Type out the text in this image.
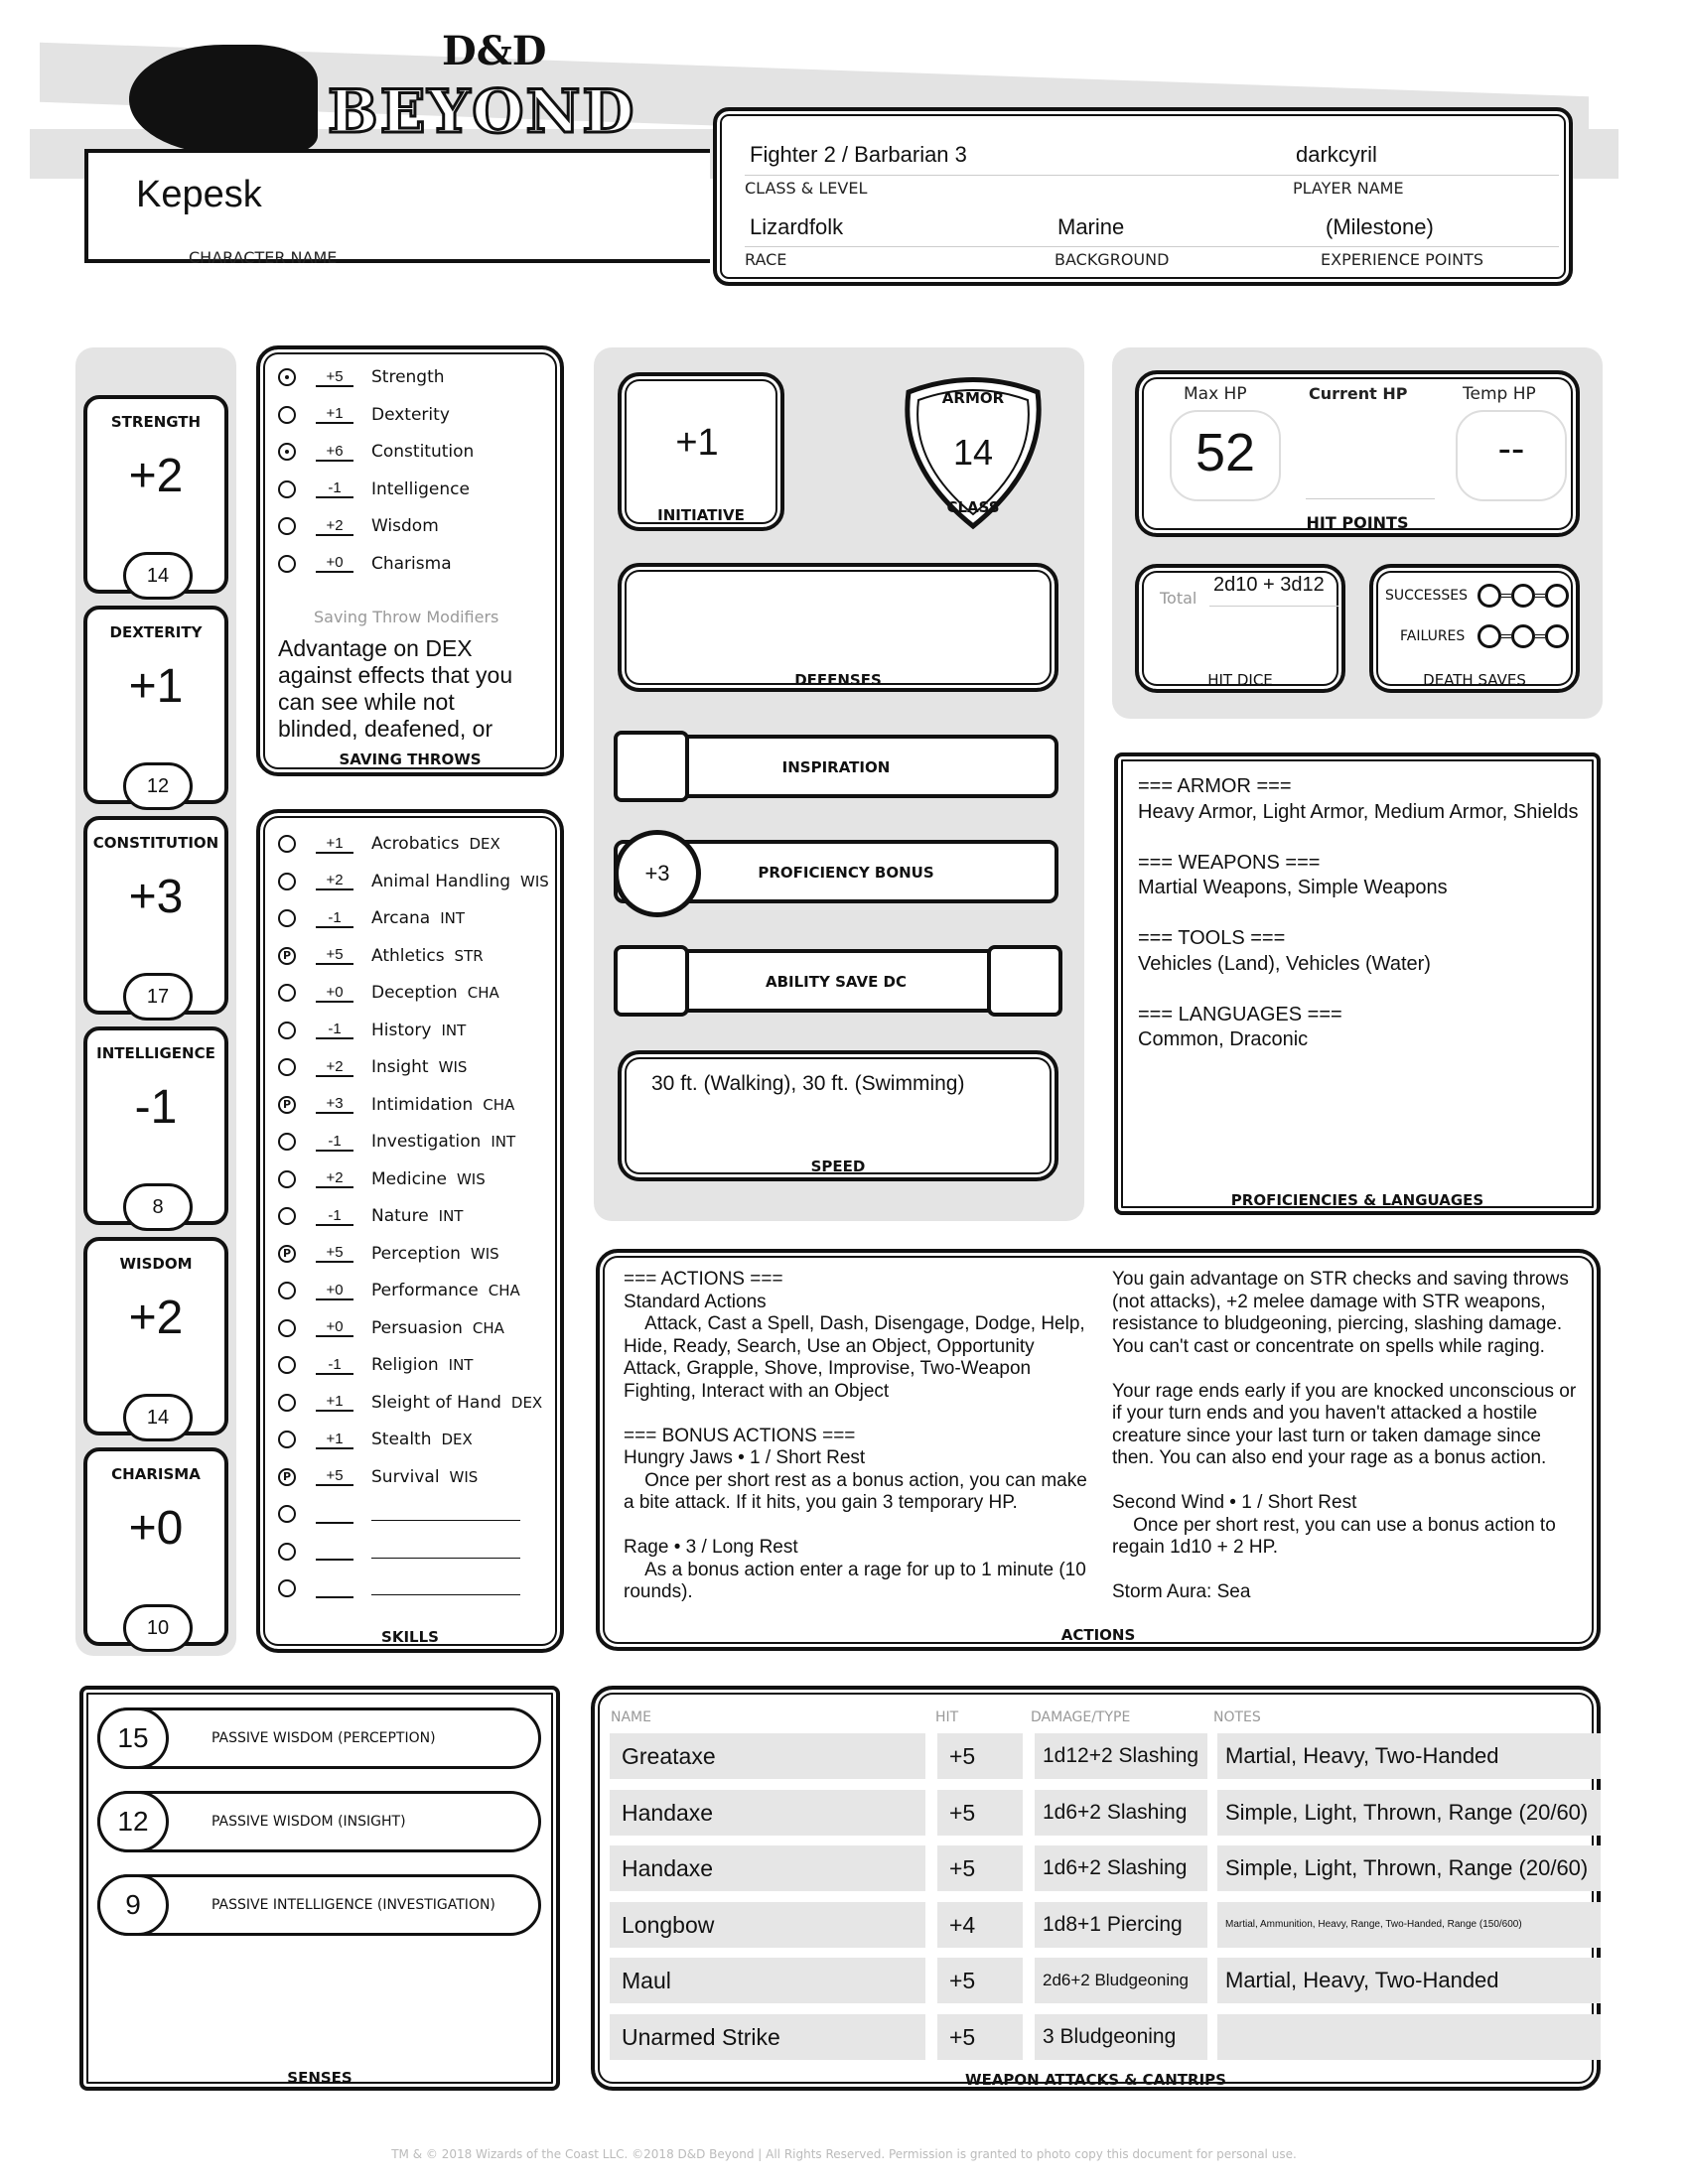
D&D
BEYOND
Kepesk
CHARACTER NAME
Fighter 2 / Barbarian 3
CLASS & LEVEL
darkcyril
PLAYER NAME
Lizardfolk
RACE
Marine
BACKGROUND
(Milestone)
EXPERIENCE POINTS
STRENGTH
+2
14
DEXTERITY
+1
12
CONSTITUTION
+3
17
INTELLIGENCE
-1
8
WISDOM
+2
14
CHARISMA
+0
10
+5	Strength
+1	Dexterity
+6	Constitution
-1	Intelligence
+2	Wisdom
+0	Charisma
Saving Throw Modifiers
Advantage on DEX against effects that you can see while not blinded, deafened, or
SAVING THROWS
+1	Acrobatics DEX
+2	Animal Handling WIS
-1	Arcana INT
P	+5	Athletics STR
+0	Deception CHA
-1	History INT
+2	Insight WIS
P	+3	Intimidation CHA
-1	Investigation INT
+2	Medicine WIS
-1	Nature INT
P	+5	Perception WIS
+0	Performance CHA
+0	Persuasion CHA
-1	Religion INT
+1	Sleight of Hand DEX
+1	Stealth DEX
P	+5	Survival WIS

SKILLS
+1
INITIATIVE
ARMOR
14
CLASS
DEFENSES
INSPIRATION
PROFICIENCY BONUS
+3
ABILITY SAVE DC
30 ft. (Walking), 30 ft. (Swimming)
SPEED
Max HP
52
Current HP	Temp HP
--
HIT POINTS
Total
2d10 + 3d12
HIT DICE
SUCCESSES
FAILURES
DEATH SAVES
=== ARMOR ===
Heavy Armor, Light Armor, Medium Armor, Shields

=== WEAPONS ===
Martial Weapons, Simple Weapons

=== TOOLS ===
Vehicles (Land), Vehicles (Water)

=== LANGUAGES ===
Common, Draconic
PROFICIENCIES & LANGUAGES
=== ACTIONS ===
Standard Actions
Attack, Cast a Spell, Dash, Disengage, Dodge, Help, Hide, Ready, Search, Use an Object, Opportunity Attack, Grapple, Shove, Improvise, Two-Weapon Fighting, Interact with an Object

=== BONUS ACTIONS ===
Hungry Jaws • 1 / Short Rest
Once per short rest as a bonus action, you can make a bite attack. If it hits, you gain 3 temporary HP.

Rage • 3 / Long Rest
As a bonus action enter a rage for up to 1 minute (10 rounds).
You gain advantage on STR checks and saving throws (not attacks), +2 melee damage with STR weapons, resistance to bludgeoning, piercing, slashing damage. You can't cast or concentrate on spells while raging.

Your rage ends early if you are knocked unconscious or if your turn ends and you haven't attacked a hostile creature since your last turn or taken damage since then. You can also end your rage as a bonus action.

Second Wind • 1 / Short Rest
Once per short rest, you can use a bonus action to regain 1d10 + 2 HP.

Storm Aura: Sea
ACTIONS
15	PASSIVE WISDOM (PERCEPTION)
12	PASSIVE WISDOM (INSIGHT)
9	PASSIVE INTELLIGENCE (INVESTIGATION)
SENSES
NAME	HIT	DAMAGE/TYPE	NOTES
Greataxe	+5	1d12+2 Slashing	Martial, Heavy, Two-Handed
Handaxe	+5	1d6+2 Slashing	Simple, Light, Thrown, Range (20/60)
Handaxe	+5	1d6+2 Slashing	Simple, Light, Thrown, Range (20/60)
Longbow	+4	1d8+1 Piercing	Martial, Ammunition, Heavy, Range, Two-Handed, Range (150/600)
Maul	+5	2d6+2 Bludgeoning	Martial, Heavy, Two-Handed
Unarmed Strike	+5	3 Bludgeoning
WEAPON ATTACKS & CANTRIPS
TM & © 2018 Wizards of the Coast LLC. ©2018 D&D Beyond | All Rights Reserved. Permission is granted to photo copy this document for personal use.
